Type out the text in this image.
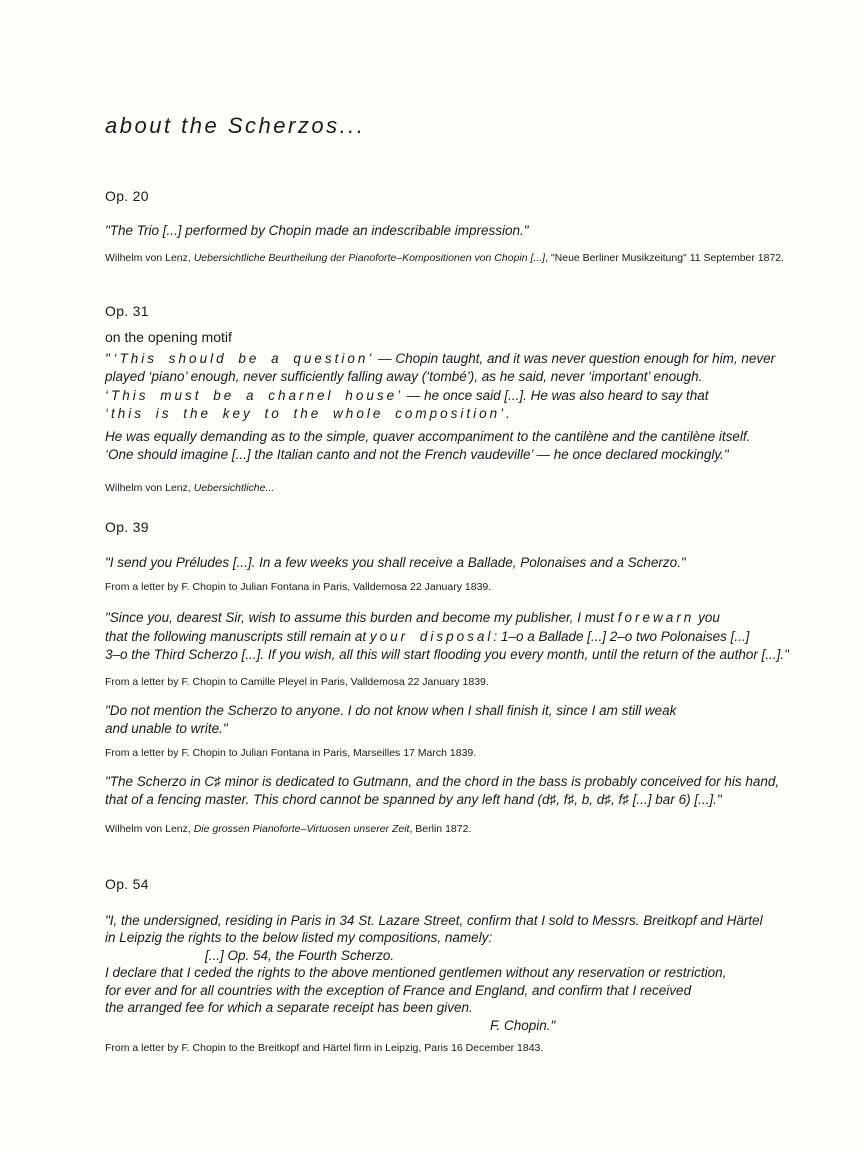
about the Scherzos...
Op. 20
"The Trio [...] performed by Chopin made an indescribable impression."
Wilhelm von Lenz, Uebersichtliche Beurtheilung der Pianoforte–Kompositionen von Chopin [...], "Neue Berliner Musikzeitung" 11 September 1872.
Op. 31
on the opening motif
" ‘This should be a question’ — Chopin taught, and it was never question enough for him, never
played ‘piano’ enough, never sufficiently falling away (‘tombé’), as he said, never ‘important’ enough.
‘This must be a charnel house’ — he once said [...]. He was also heard to say that
‘this is the key to the whole composition’.
He was equally demanding as to the simple, quaver accompaniment to the cantilène and the cantilène itself.
‘One should imagine [...] the Italian canto and not the French vaudeville’ — he once declared mockingly."
Wilhelm von Lenz, Uebersichtliche...
Op. 39
"I send you Préludes [...]. In a few weeks you shall receive a Ballade, Polonaises and a Scherzo."
From a letter by F. Chopin to Julian Fontana in Paris, Valldemosa 22 January 1839.
"Since you, dearest Sir, wish to assume this burden and become my publisher, I must forewarn you
that the following manuscripts still remain at your disposal: 1–o a Ballade [...] 2–o two Polonaises [...]
3–o the Third Scherzo [...]. If you wish, all this will start flooding you every month, until the return of the author [...]."
From a letter by F. Chopin to Camille Pleyel in Paris, Valldemosa 22 January 1839.
"Do not mention the Scherzo to anyone. I do not know when I shall finish it, since I am still weak
and unable to write."
From a letter by F. Chopin to Julian Fontana in Paris, Marseilles 17 March 1839.
"The Scherzo in C♯ minor is dedicated to Gutmann, and the chord in the bass is probably conceived for his hand,
that of a fencing master. This chord cannot be spanned by any left hand (d♯, f♯, b, d♯, f♯ [...] bar 6) [...]."
Wilhelm von Lenz, Die grossen Pianoforte–Virtuosen unserer Zeit, Berlin 1872.
Op. 54
"I, the undersigned, residing in Paris in 34 St. Lazare Street, confirm that I sold to Messrs. Breitkopf and Härtel
in Leipzig the rights to the below listed my compositions, namely:
[...] Op. 54, the Fourth Scherzo.
I declare that I ceded the rights to the above mentioned gentlemen without any reservation or restriction,
for ever and for all countries with the exception of France and England, and confirm that I received
the arranged fee for which a separate receipt has been given.
F. Chopin."
From a letter by F. Chopin to the Breitkopf and Härtel firm in Leipzig, Paris 16 December 1843.
